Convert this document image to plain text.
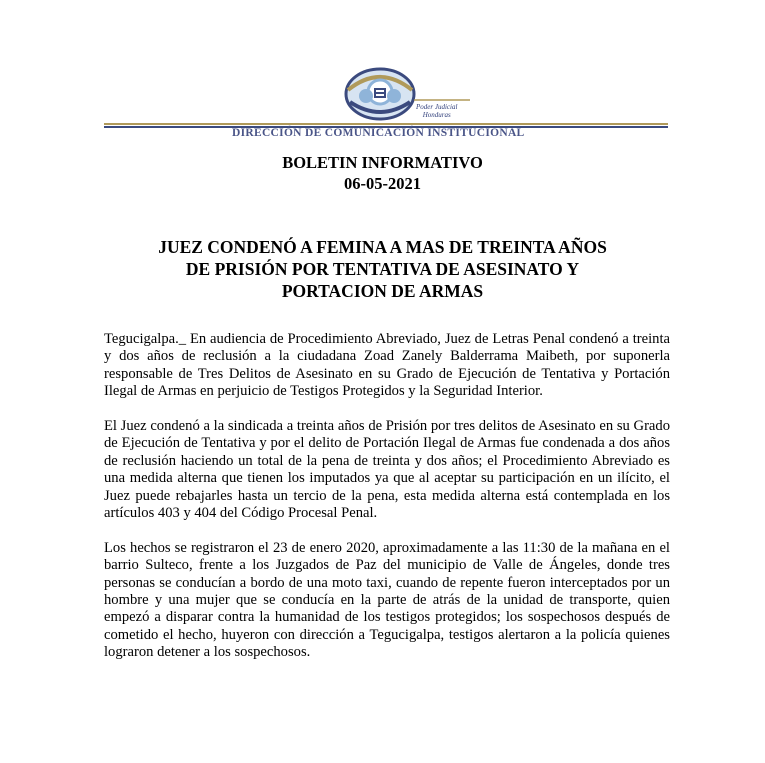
Poder Judicial
Honduras
DIRECCIÓN DE COMUNICACIÓN INSTITUCIONAL
BOLETIN INFORMATIVO
06-05-2021
JUEZ CONDENÓ A FEMINA A MAS DE TREINTA AÑOS
DE PRISIÓN POR TENTATIVA DE ASESINATO Y
PORTACION DE ARMAS

Tegucigalpa._ En audiencia de Procedimiento Abreviado, Juez de Letras Penal condenó a treinta y dos años de reclusión a la ciudadana Zoad Zanely Balderrama Maibeth, por suponerla responsable de Tres Delitos de Asesinato en su Grado de Ejecución de Tentativa y Portación Ilegal de Armas en perjuicio de Testigos Protegidos y la Seguridad Interior.

El Juez condenó a la sindicada a treinta años de Prisión por tres delitos de Asesinato en su Grado de Ejecución de Tentativa y por el delito de Portación Ilegal de Armas fue condenada a dos años de reclusión haciendo un total de la pena de treinta y dos años; el Procedimiento Abreviado es una medida alterna que tienen los imputados ya que al aceptar su participación en un ilícito, el Juez puede rebajarles hasta un tercio de la pena, esta medida alterna está contemplada en los artículos 403 y 404 del Código Procesal Penal.

Los hechos se registraron el 23 de enero 2020, aproximadamente a las 11:30 de la mañana en el barrio Sulteco, frente a los Juzgados de Paz del municipio de Valle de Ángeles, donde tres personas se conducían a bordo de una moto taxi, cuando de repente fueron interceptados por un hombre y una mujer que se conducía en la parte de atrás de la unidad de transporte, quien empezó a disparar contra la humanidad de los testigos protegidos; los sospechosos después de cometido el hecho, huyeron con dirección a Tegucigalpa, testigos alertaron a la policía quienes lograron detener a los sospechosos.
